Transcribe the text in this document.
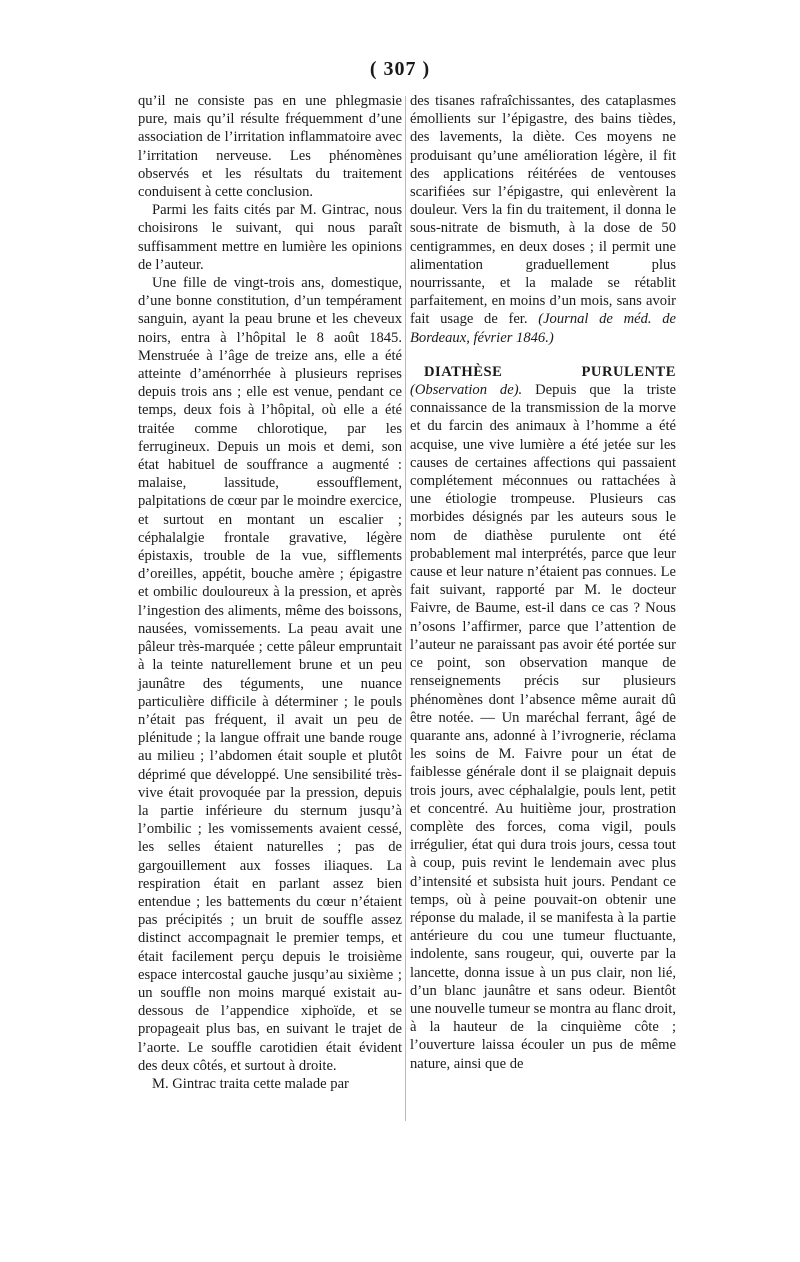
( 307 )

qu’il ne consiste pas en une phlegmasie pure, mais qu’il résulte fréquemment d’une association de l’irritation inflammatoire avec l’irritation nerveuse. Les phénomènes observés et les résultats du traitement conduisent à cette conclusion.

Parmi les faits cités par M. Gintrac, nous choisirons le suivant, qui nous paraît suffisamment mettre en lumière les opinions de l’auteur.

Une fille de vingt-trois ans, domestique, d’une bonne constitution, d’un tempérament sanguin, ayant la peau brune et les cheveux noirs, entra à l’hôpital le 8 août 1845. Menstruée à l’âge de treize ans, elle a été atteinte d’aménorrhée à plusieurs reprises depuis trois ans ; elle est venue, pendant ce temps, deux fois à l’hôpital, où elle a été traitée comme chlorotique, par les ferrugineux. Depuis un mois et demi, son état habituel de souffrance a augmenté : malaise, lassitude, essoufflement, palpitations de cœur par le moindre exercice, et surtout en montant un escalier ; céphalalgie frontale gravative, légère épistaxis, trouble de la vue, sifflements d’oreilles, appétit, bouche amère ; épigastre et ombilic douloureux à la pression, et après l’ingestion des aliments, même des boissons, nausées, vomissements. La peau avait une pâleur très-marquée ; cette pâleur empruntait à la teinte naturellement brune et un peu jaunâtre des téguments, une nuance particulière difficile à déterminer ; le pouls n’était pas fréquent, il avait un peu de plénitude ; la langue offrait une bande rouge au milieu ; l’abdomen était souple et plutôt déprimé que développé. Une sensibilité très-vive était provoquée par la pression, depuis la partie inférieure du sternum jusqu’à l’ombilic ; les vomissements avaient cessé, les selles étaient naturelles ; pas de gargouillement aux fosses iliaques. La respiration était en parlant assez bien entendue ; les battements du cœur n’étaient pas précipités ; un bruit de souffle assez distinct accompagnait le premier temps, et était facilement perçu depuis le troisième espace intercostal gauche jusqu’au sixième ; un souffle non moins marqué existait au-dessous de l’appendice xiphoïde, et se propageait plus bas, en suivant le trajet de l’aorte. Le souffle carotidien était évident des deux côtés, et surtout à droite.

M. Gintrac traita cette malade par

des tisanes rafraîchissantes, des cataplasmes émollients sur l’épigastre, des bains tièdes, des lavements, la diète. Ces moyens ne produisant qu’une amélioration légère, il fit des applications réitérées de ventouses scarifiées sur l’épigastre, qui enlevèrent la douleur. Vers la fin du traitement, il donna le sous-nitrate de bismuth, à la dose de 50 centigrammes, en deux doses ; il permit une alimentation graduellement plus nourrissante, et la malade se rétablit parfaitement, en moins d’un mois, sans avoir fait usage de fer. (Journal de méd. de Bordeaux, février 1846.)

DIATHÈSE PURULENTE (Observation de). Depuis que la triste connaissance de la transmission de la morve et du farcin des animaux à l’homme a été acquise, une vive lumière a été jetée sur les causes de certaines affections qui passaient complétement méconnues ou rattachées à une étiologie trompeuse. Plusieurs cas morbides désignés par les auteurs sous le nom de diathèse purulente ont été probablement mal interprétés, parce que leur cause et leur nature n’étaient pas connues. Le fait suivant, rapporté par M. le docteur Faivre, de Baume, est-il dans ce cas ? Nous n’osons l’affirmer, parce que l’attention de l’auteur ne paraissant pas avoir été portée sur ce point, son observation manque de renseignements précis sur plusieurs phénomènes dont l’absence même aurait dû être notée. — Un maréchal ferrant, âgé de quarante ans, adonné à l’ivrognerie, réclama les soins de M. Faivre pour un état de faiblesse générale dont il se plaignait depuis trois jours, avec céphalalgie, pouls lent, petit et concentré. Au huitième jour, prostration complète des forces, coma vigil, pouls irrégulier, état qui dura trois jours, cessa tout à coup, puis revint le lendemain avec plus d’intensité et subsista huit jours. Pendant ce temps, où à peine pouvait-on obtenir une réponse du malade, il se manifesta à la partie antérieure du cou une tumeur fluctuante, indolente, sans rougeur, qui, ouverte par la lancette, donna issue à un pus clair, non lié, d’un blanc jaunâtre et sans odeur. Bientôt une nouvelle tumeur se montra au flanc droit, à la hauteur de la cinquième côte ; l’ouverture laissa écouler un pus de même nature, ainsi que de
